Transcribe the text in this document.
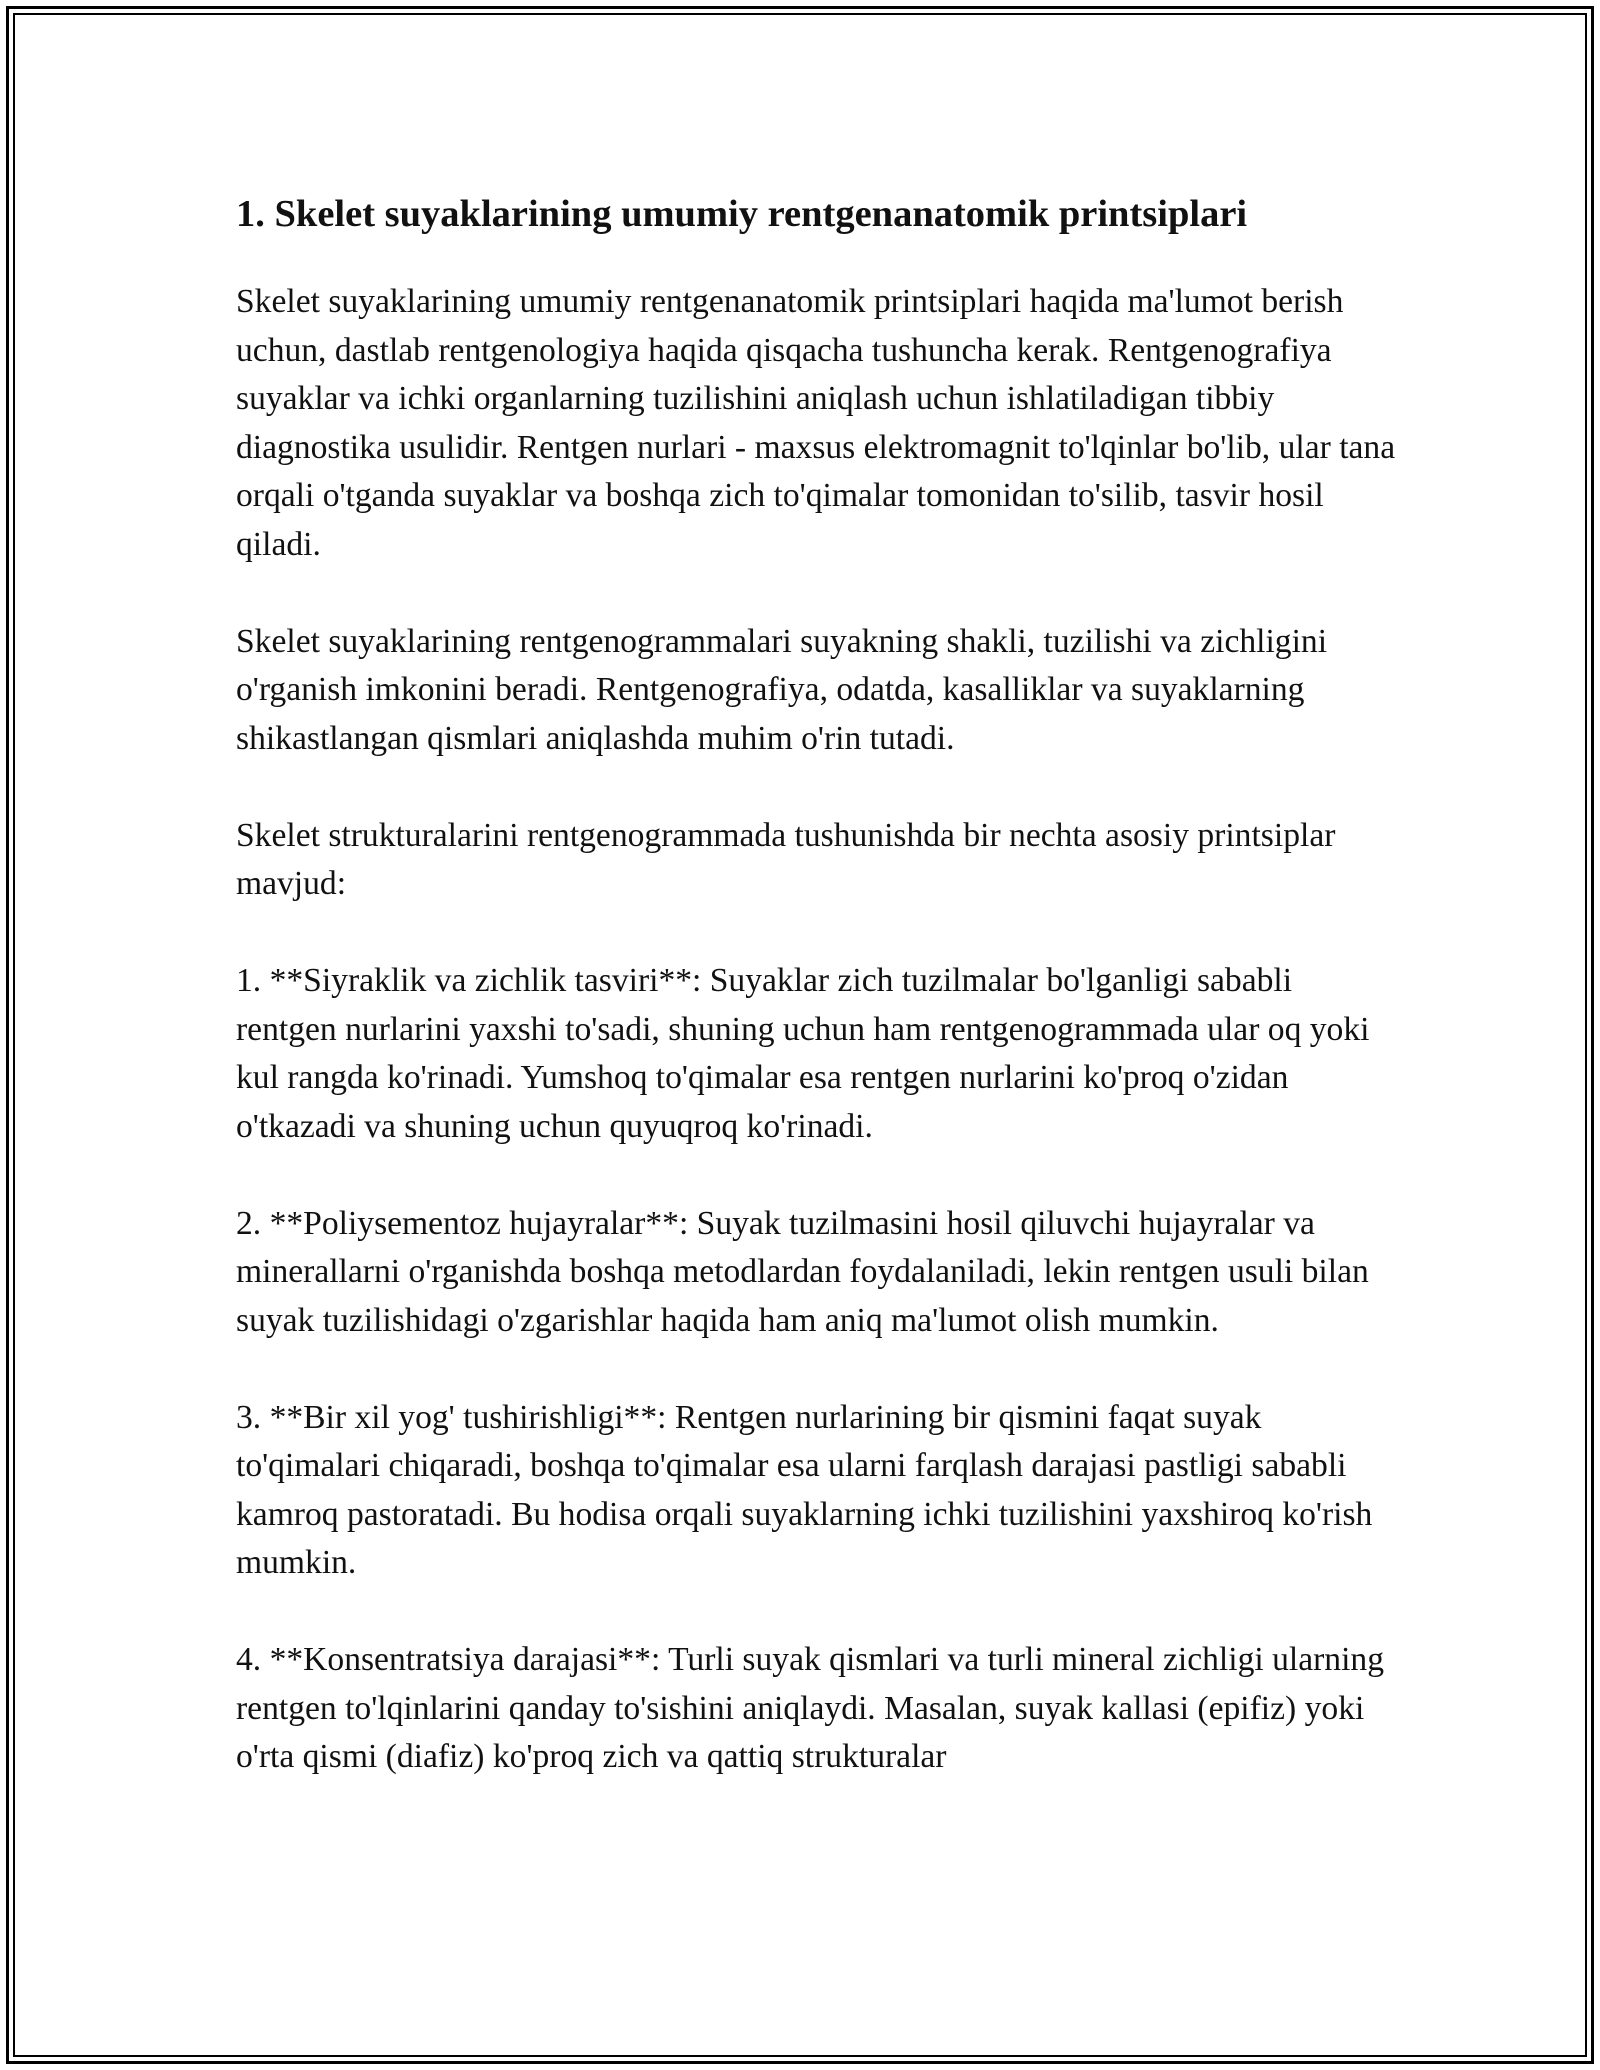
1. Skelet suyaklarining umumiy rentgenanatomik printsiplari

Skelet suyaklarining umumiy rentgenanatomik printsiplari haqida ma'lumot berish uchun, dastlab rentgenologiya haqida qisqacha tushuncha kerak. Rentgenografiya suyaklar va ichki organlarning tuzilishini aniqlash uchun ishlatiladigan tibbiy diagnostika usulidir. Rentgen nurlari - maxsus elektromagnit to'lqinlar bo'lib, ular tana orqali o'tganda suyaklar va boshqa zich to'qimalar tomonidan to'silib, tasvir hosil qiladi.

Skelet suyaklarining rentgenogrammalari suyakning shakli, tuzilishi va zichligini o'rganish imkonini beradi. Rentgenografiya, odatda, kasalliklar va suyaklarning shikastlangan qismlari aniqlashda muhim o'rin tutadi.

Skelet strukturalarini rentgenogrammada tushunishda bir nechta asosiy printsiplar mavjud:

1. **Siyraklik va zichlik tasviri**: Suyaklar zich tuzilmalar bo'lganligi sababli rentgen nurlarini yaxshi to'sadi, shuning uchun ham rentgenogrammada ular oq yoki kul rangda ko'rinadi. Yumshoq to'qimalar esa rentgen nurlarini ko'proq o'zidan o'tkazadi va shuning uchun quyuqroq ko'rinadi.

2. **Poliysementoz hujayralar**: Suyak tuzilmasini hosil qiluvchi hujayralar va minerallarni o'rganishda boshqa metodlardan foydalaniladi, lekin rentgen usuli bilan suyak tuzilishidagi o'zgarishlar haqida ham aniq ma'lumot olish mumkin.

3. **Bir xil yog' tushirishligi**: Rentgen nurlarining bir qismini faqat suyak to'qimalari chiqaradi, boshqa to'qimalar esa ularni farqlash darajasi pastligi sababli kamroq pastoratadi. Bu hodisa orqali suyaklarning ichki tuzilishini yaxshiroq ko'rish mumkin.

4. **Konsentratsiya darajasi**: Turli suyak qismlari va turli mineral zichligi ularning rentgen to'lqinlarini qanday to'sishini aniqlaydi. Masalan, suyak kallasi (epifiz) yoki o'rta qismi (diafiz) ko'proq zich va qattiq strukturalar
